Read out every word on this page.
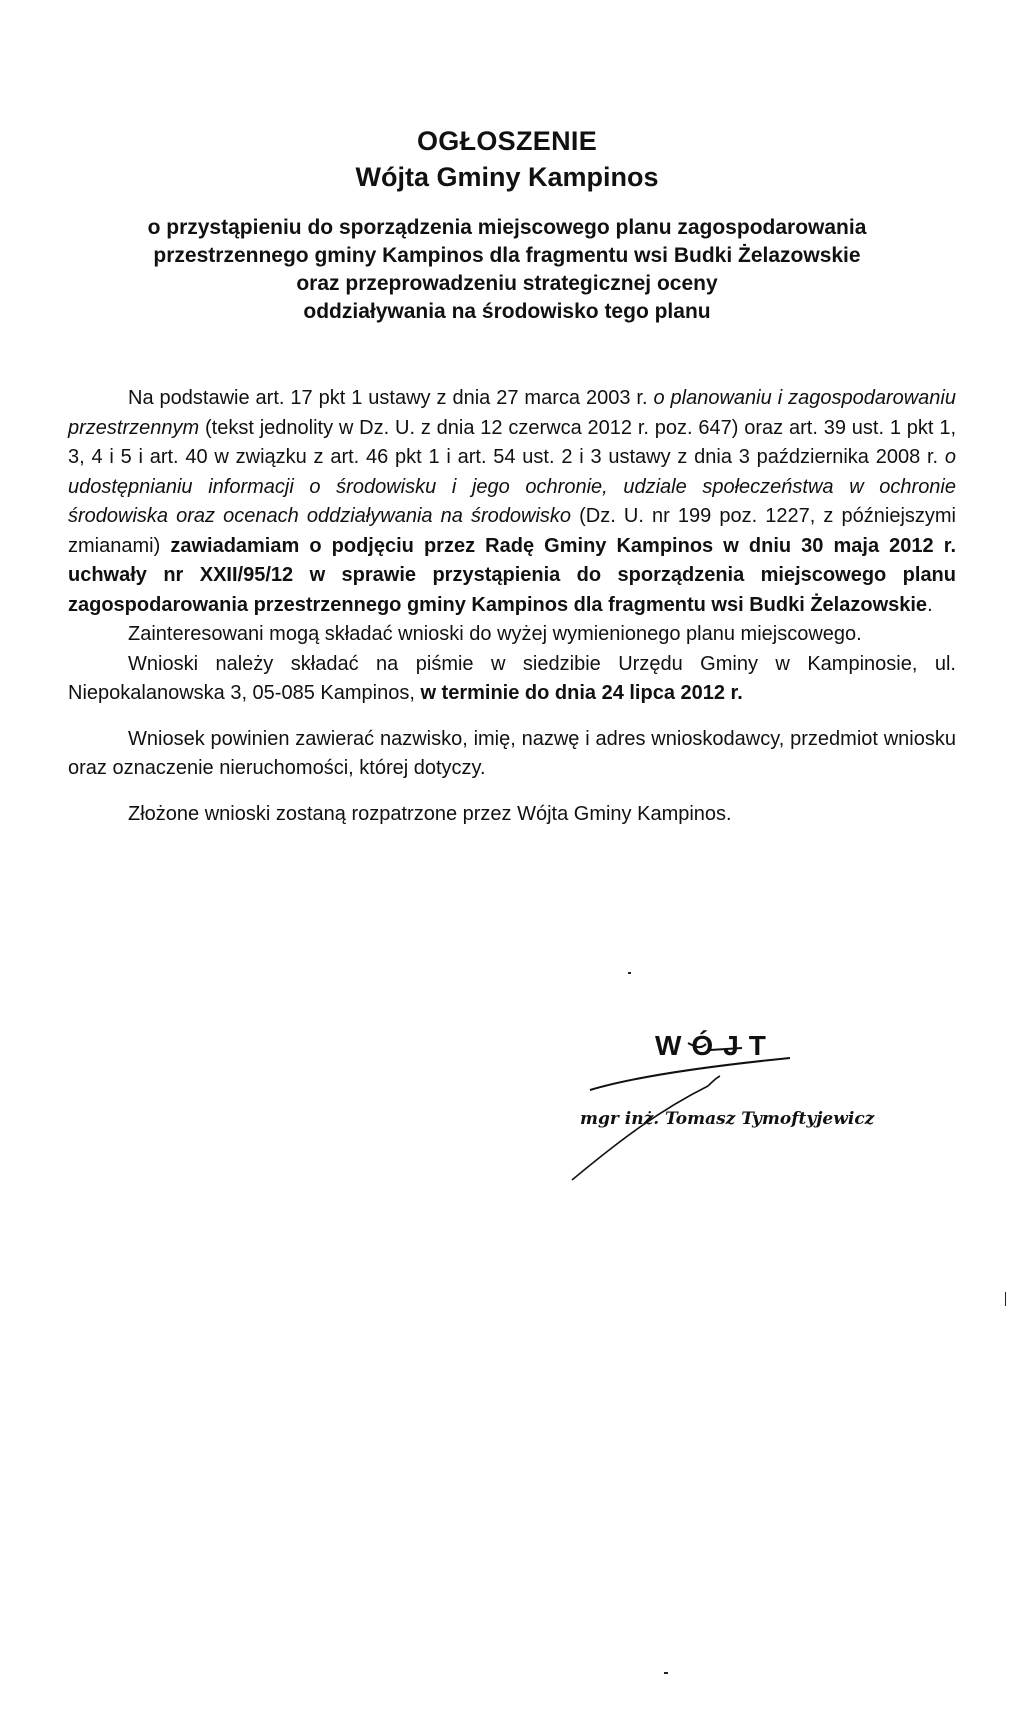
OGŁOSZENIE
Wójta Gminy Kampinos
o przystąpieniu do sporządzenia miejscowego planu zagospodarowania
przestrzennego gminy Kampinos dla fragmentu wsi Budki Żelazowskie
oraz przeprowadzeniu strategicznej oceny
oddziaływania na środowisko tego planu

Na podstawie art. 17 pkt 1 ustawy z dnia 27 marca 2003 r. o planowaniu i zagospodarowaniu przestrzennym (tekst jednolity w Dz. U. z dnia 12 czerwca 2012 r. poz. 647) oraz art. 39 ust. 1 pkt 1, 3, 4 i 5 i art. 40 w związku z art. 46 pkt 1 i art. 54 ust. 2 i 3 ustawy z dnia 3 października 2008 r. o udostępnianiu informacji o środowisku i jego ochronie, udziale społeczeństwa w ochronie środowiska oraz ocenach oddziaływania na środowisko (Dz. U. nr 199 poz. 1227, z późniejszymi zmianami) zawiadamiam o podjęciu przez Radę Gminy Kampinos w dniu 30 maja 2012 r. uchwały nr XXII/95/12 w sprawie przystąpienia do sporządzenia miejscowego planu zagospodarowania przestrzennego gminy Kampinos dla fragmentu wsi Budki Żelazowskie.

Zainteresowani mogą składać wnioski do wyżej wymienionego planu miejscowego.

Wnioski należy składać na piśmie w siedzibie Urzędu Gminy w Kampinosie, ul. Niepokalanowska 3, 05-085 Kampinos, w terminie do dnia 24 lipca 2012 r.

Wniosek powinien zawierać nazwisko, imię, nazwę i adres wnioskodawcy, przedmiot wniosku oraz oznaczenie nieruchomości, której dotyczy.

Złożone wnioski zostaną rozpatrzone przez Wójta Gminy Kampinos.

WÓJT
mgr inż. Tomasz Tymoftyjewicz
